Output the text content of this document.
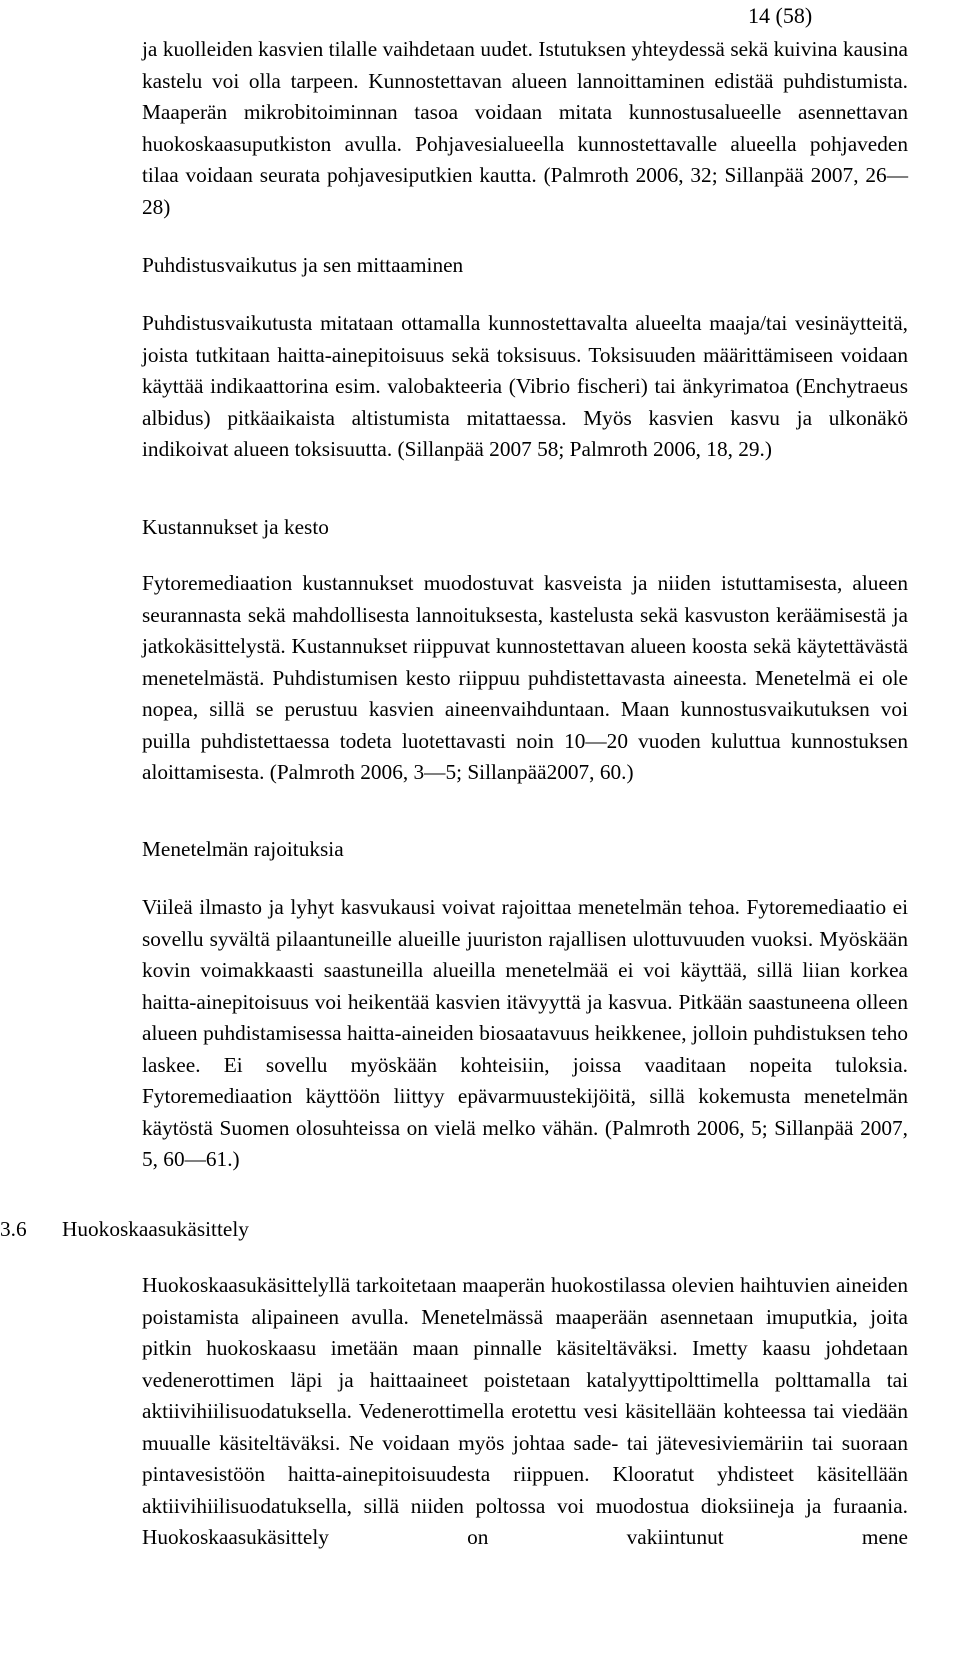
14 (58)

ja kuolleiden kasvien tilalle vaihdetaan uudet. Istutuksen yhteydessä sekä kuivina kausina kastelu voi olla tarpeen. Kunnostettavan alueen lannoittaminen edistää puhdistumista. Maaperän mikrobitoiminnan tasoa voidaan mitata kunnostusalueelle asennettavan huokoskaasuputkiston avulla. Pohjavesialueella kunnostettavalle alueella pohjaveden tilaa voidaan seurata pohjavesiputkien kautta. (Palmroth 2006, 32; Sillanpää 2007, 26—28)

Puhdistusvaikutus ja sen mittaaminen

Puhdistusvaikutusta mitataan ottamalla kunnostettavalta alueelta maaja/tai vesinäytteitä, joista tutkitaan haitta-ainepitoisuus sekä toksisuus. Toksisuuden määrittämiseen voidaan käyttää indikaattorina esim. valobakteeria (Vibrio fischeri) tai änkyrimatoa (Enchytraeus albidus) pitkäaikaista altistumista mitattaessa. Myös kasvien kasvu ja ulkonäkö indikoivat alueen toksisuutta. (Sillanpää 2007 58; Palmroth 2006, 18, 29.)

Kustannukset ja kesto

Fytoremediaation kustannukset muodostuvat kasveista ja niiden istuttamisesta, alueen seurannasta sekä mahdollisesta lannoituksesta, kastelusta sekä kasvuston keräämisestä ja jatkokäsittelystä. Kustannukset riippuvat kunnostettavan alueen koosta sekä käytettävästä menetelmästä. Puhdistumisen kesto riippuu puhdistettavasta aineesta. Menetelmä ei ole nopea, sillä se perustuu kasvien aineenvaihduntaan. Maan kunnostusvaikutuksen voi puilla puhdistettaessa todeta luotettavasti noin 10—20 vuoden kuluttua kunnostuksen aloittamisesta. (Palmroth 2006, 3—5; Sillanpää2007, 60.)

Menetelmän rajoituksia

Viileä ilmasto ja lyhyt kasvukausi voivat rajoittaa menetelmän tehoa. Fytoremediaatio ei sovellu syvältä pilaantuneille alueille juuriston rajallisen ulottuvuuden vuoksi. Myöskään kovin voimakkaasti saastuneilla alueilla menetelmää ei voi käyttää, sillä liian korkea haitta-ainepitoisuus voi heikentää kasvien itävyyttä ja kasvua. Pitkään saastuneena olleen alueen puhdistamisessa haitta-aineiden biosaatavuus heikkenee, jolloin puhdistuksen teho laskee. Ei sovellu myöskään kohteisiin, joissa vaaditaan nopeita tuloksia. Fytoremediaation käyttöön liittyy epävarmuustekijöitä, sillä kokemusta menetelmän käytöstä Suomen olosuhteissa on vielä melko vähän. (Palmroth 2006, 5; Sillanpää 2007, 5, 60—61.)

3.6 Huokoskaasukäsittely

Huokoskaasukäsittelyllä tarkoitetaan maaperän huokostilassa olevien haihtuvien aineiden poistamista alipaineen avulla. Menetelmässä maaperään asennetaan imuputkia, joita pitkin huokoskaasu imetään maan pinnalle käsiteltäväksi. Imetty kaasu johdetaan vedenerottimen läpi ja haittaaineet poistetaan katalyyttipolttimella polttamalla tai aktiivihiilisuodatuksella. Vedenerottimella erotettu vesi käsitellään kohteessa tai viedään muualle käsiteltäväksi. Ne voidaan myös johtaa sade- tai jätevesiviemäriin tai suoraan pintavesistöön haitta-ainepitoisuudesta riippuen. Klooratut yhdisteet käsitellään aktiivihiilisuodatuksella, sillä niiden poltossa voi muodostua dioksiineja ja furaania. Huokoskaasukäsittely on vakiintunut mene
